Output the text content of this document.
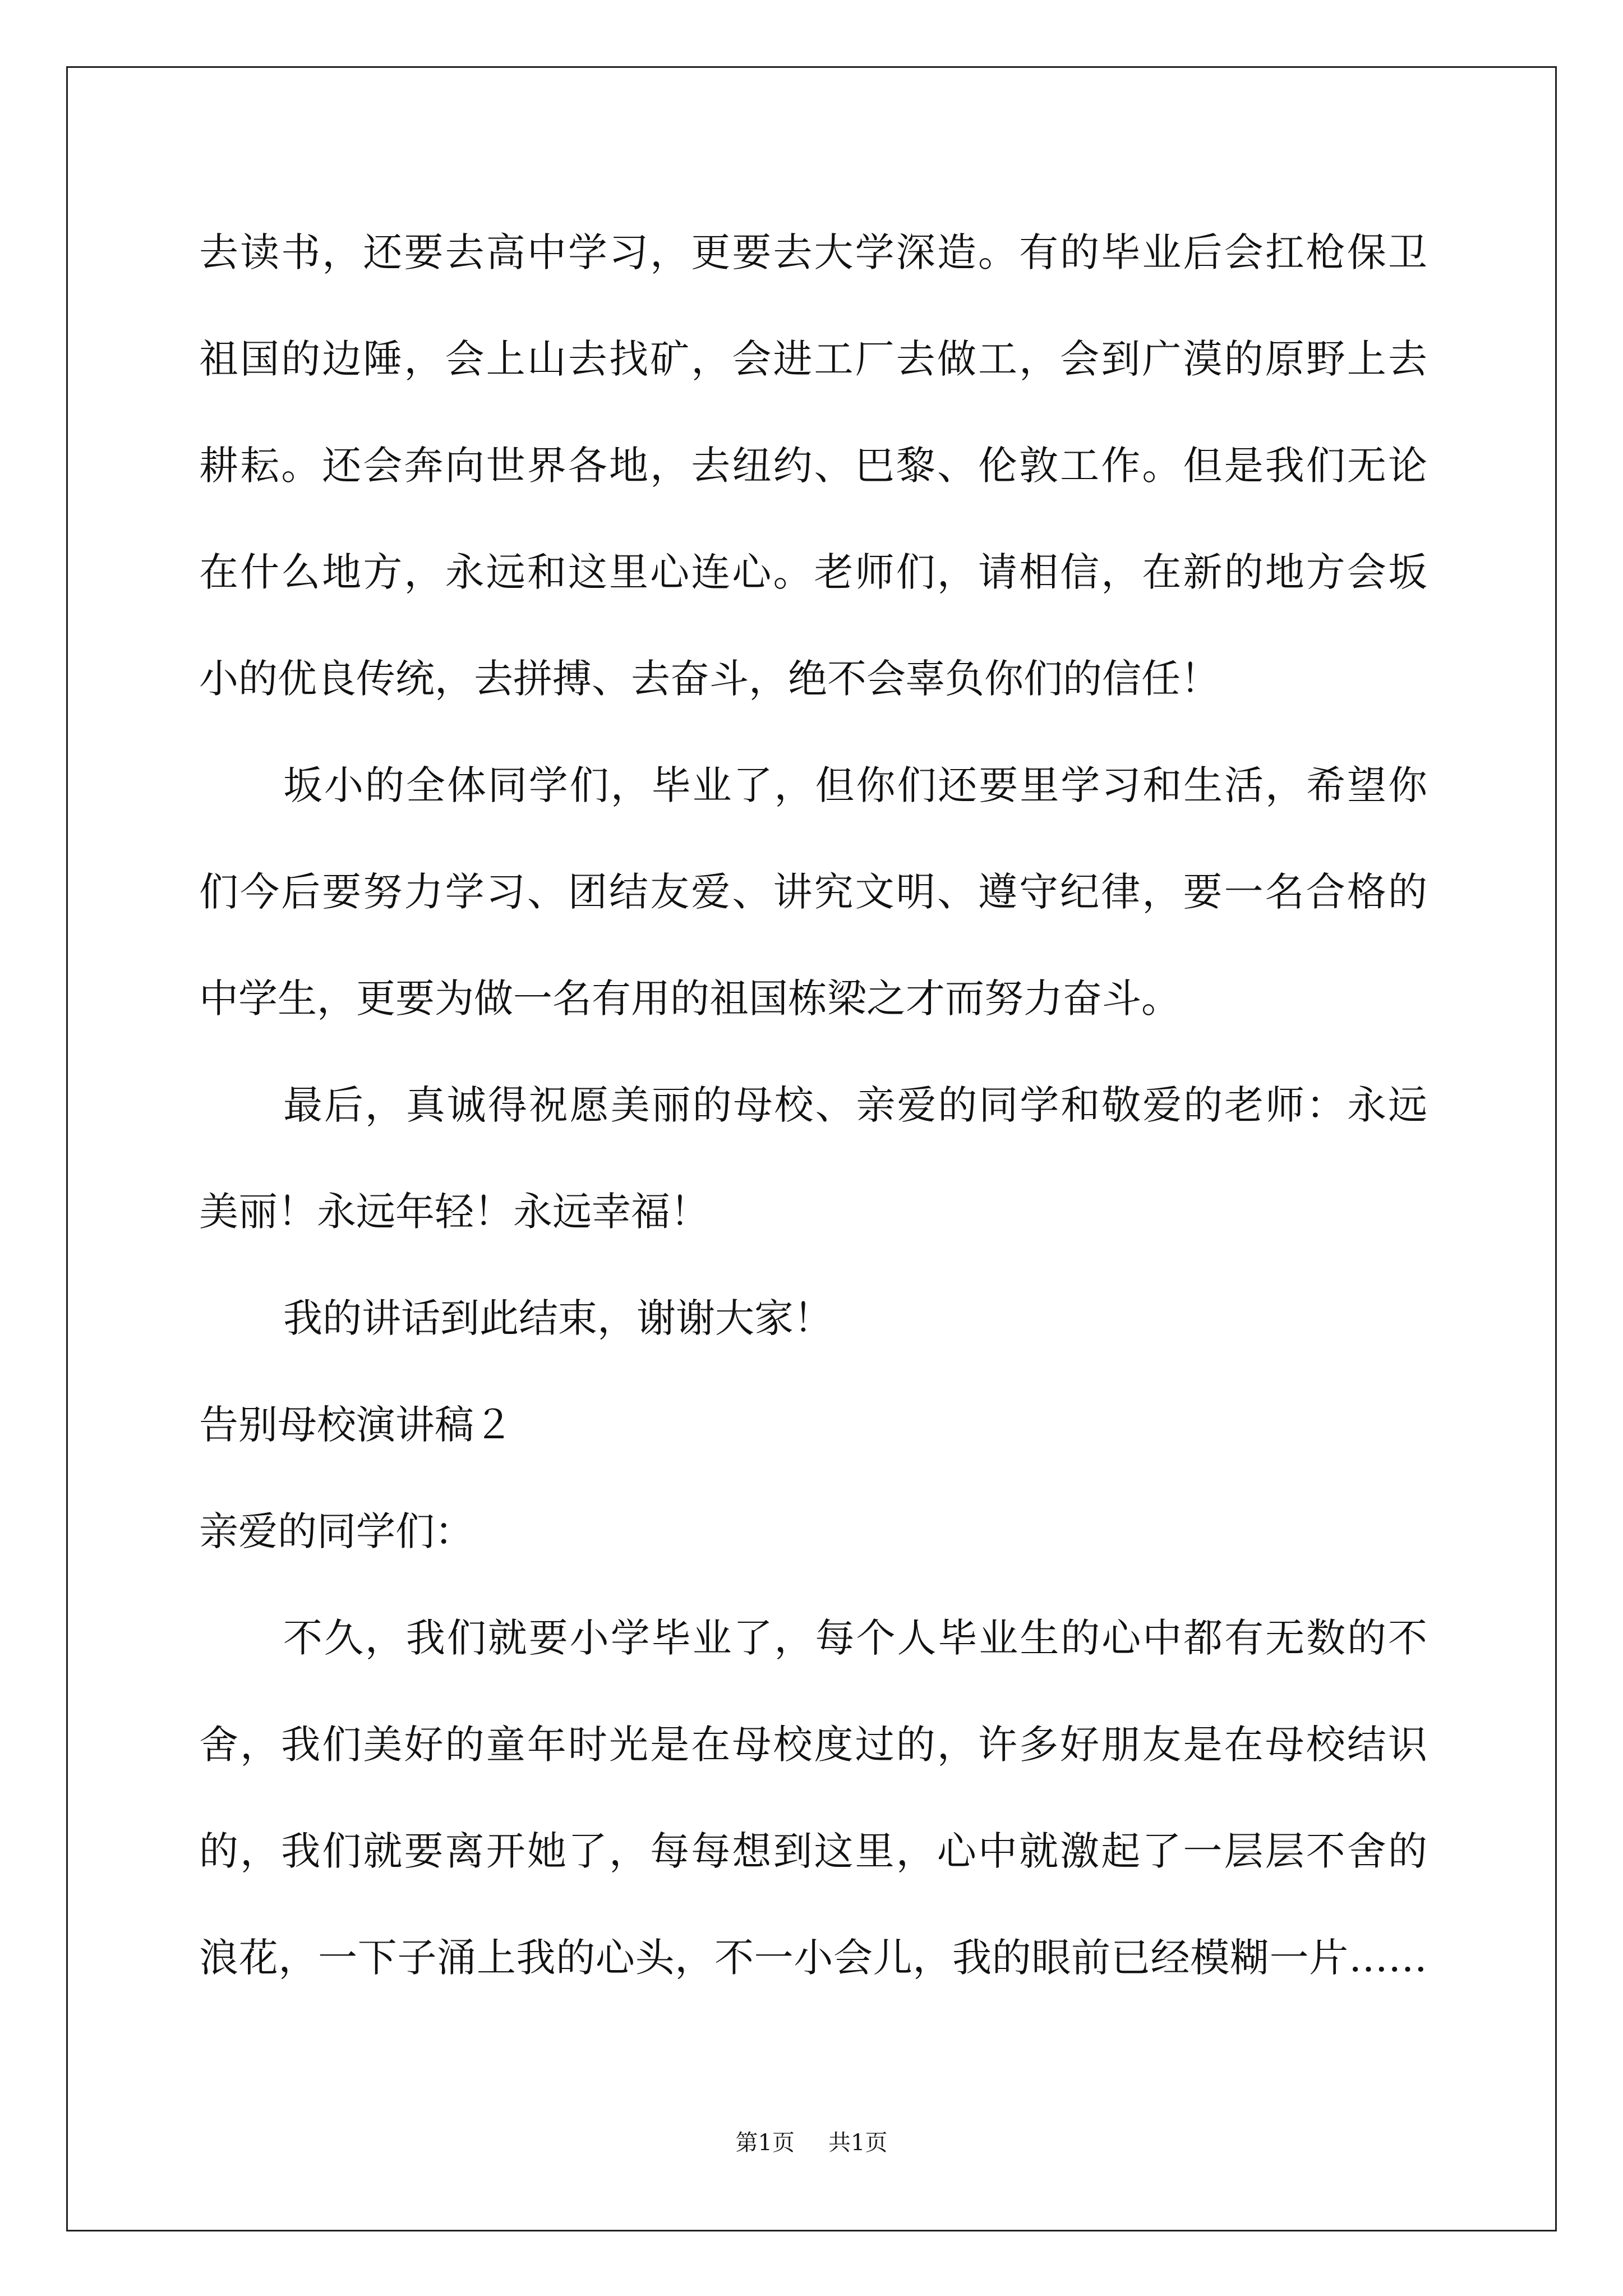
去读书，还要去高中学习，更要去大学深造。有的毕业后会扛枪保卫
祖国的边陲，会上山去找矿，会进工厂去做工，会到广漠的原野上去
耕耘。还会奔向世界各地，去纽约、巴黎、伦敦工作。但是我们无论
在什么地方，永远和这里心连心。老师们，请相信，在新的地方会坂
小的优良传统，去拼搏、去奋斗，绝不会辜负你们的信任！
坂小的全体同学们，毕业了，但你们还要里学习和生活，希望你
们今后要努力学习、团结友爱、讲究文明、遵守纪律，要一名合格的
中学生，更要为做一名有用的祖国栋梁之才而努力奋斗。
最后，真诚得祝愿美丽的母校、亲爱的同学和敬爱的老师：永远
美丽！永远年轻！永远幸福！
我的讲话到此结束，谢谢大家！
告别母校演讲稿２
亲爱的同学们：
不久，我们就要小学毕业了，每个人毕业生的心中都有无数的不
舍，我们美好的童年时光是在母校度过的，许多好朋友是在母校结识
的，我们就要离开她了，每每想到这里，心中就激起了一层层不舍的
浪花，一下子涌上我的心头，不一小会儿，我的眼前已经模糊一片……
第1页 共1页
